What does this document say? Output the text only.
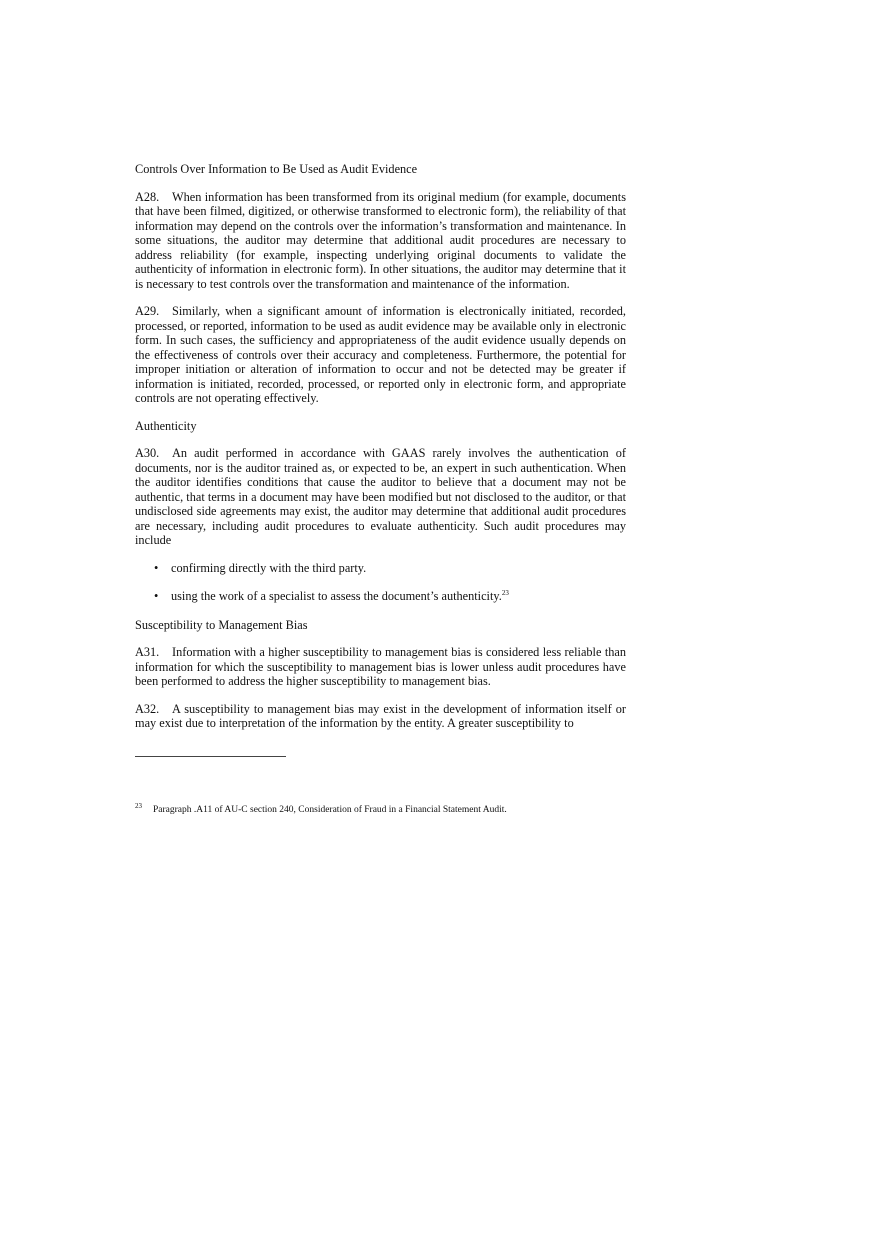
Controls Over Information to Be Used as Audit Evidence

A28. When information has been transformed from its original medium (for example, documents that have been filmed, digitized, or otherwise transformed to electronic form), the reliability of that information may depend on the controls over the information’s transformation and maintenance. In some situations, the auditor may determine that additional audit procedures are necessary to address reliability (for example, inspecting underlying original documents to validate the authenticity of information in electronic form). In other situations, the auditor may determine that it is necessary to test controls over the transformation and maintenance of the information.

A29. Similarly, when a significant amount of information is electronically initiated, recorded, processed, or reported, information to be used as audit evidence may be available only in electronic form. In such cases, the sufficiency and appropriateness of the audit evidence usually depends on the effectiveness of controls over their accuracy and completeness. Furthermore, the potential for improper initiation or alteration of information to occur and not be detected may be greater if information is initiated, recorded, processed, or reported only in electronic form, and appropriate controls are not operating effectively.

Authenticity

A30. An audit performed in accordance with GAAS rarely involves the authentication of documents, nor is the auditor trained as, or expected to be, an expert in such authentication. When the auditor identifies conditions that cause the auditor to believe that a document may not be authentic, that terms in a document may have been modified but not disclosed to the auditor, or that undisclosed side agreements may exist, the auditor may determine that additional audit procedures are necessary, including audit procedures to evaluate authenticity. Such audit procedures may include

• confirming directly with the third party.
• using the work of a specialist to assess the document’s authenticity.$^{23}$

Susceptibility to Management Bias

A31. Information with a higher susceptibility to management bias is considered less reliable than information for which the susceptibility to management bias is lower unless audit procedures have been performed to address the higher susceptibility to management bias.

A32. A susceptibility to management bias may exist in the development of information itself or may exist due to interpretation of the information by the entity. A greater susceptibility to

23 Paragraph .A11 of AU-C section 240, Consideration of Fraud in a Financial Statement Audit.
